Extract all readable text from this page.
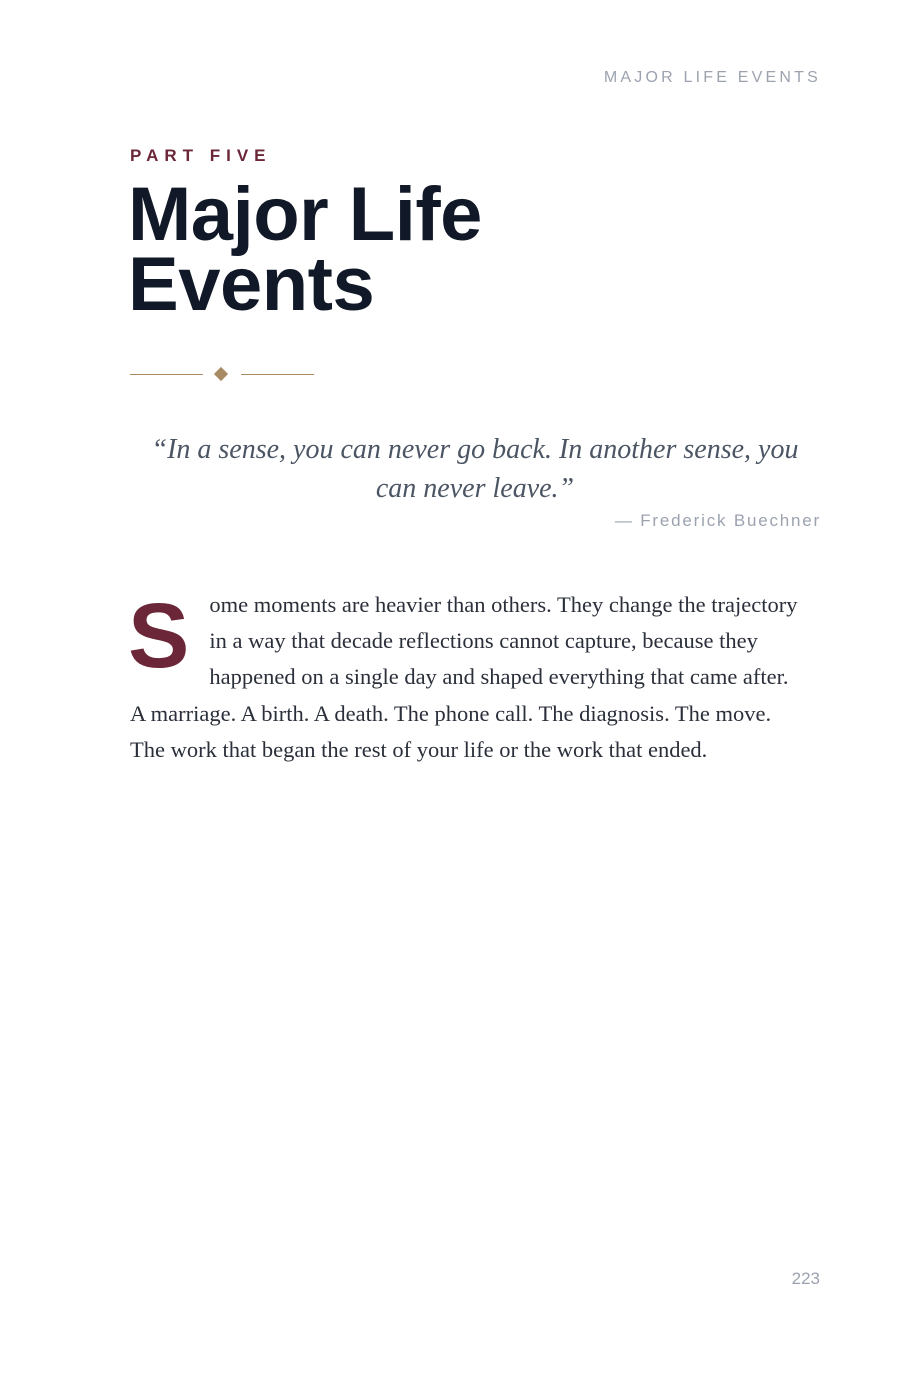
MAJOR LIFE EVENTS
PART FIVE
Major Life
Events

“In a sense, you can never go back. In another sense, you can never leave.”

— Frederick Buechner

Some moments are heavier than others. They change the trajectory in a way that decade reflections cannot capture, because they happened on a single day and shaped everything that came after. A marriage. A birth. A death. The phone call. The diagnosis. The move. The work that began the rest of your life or the work that ended.

223
